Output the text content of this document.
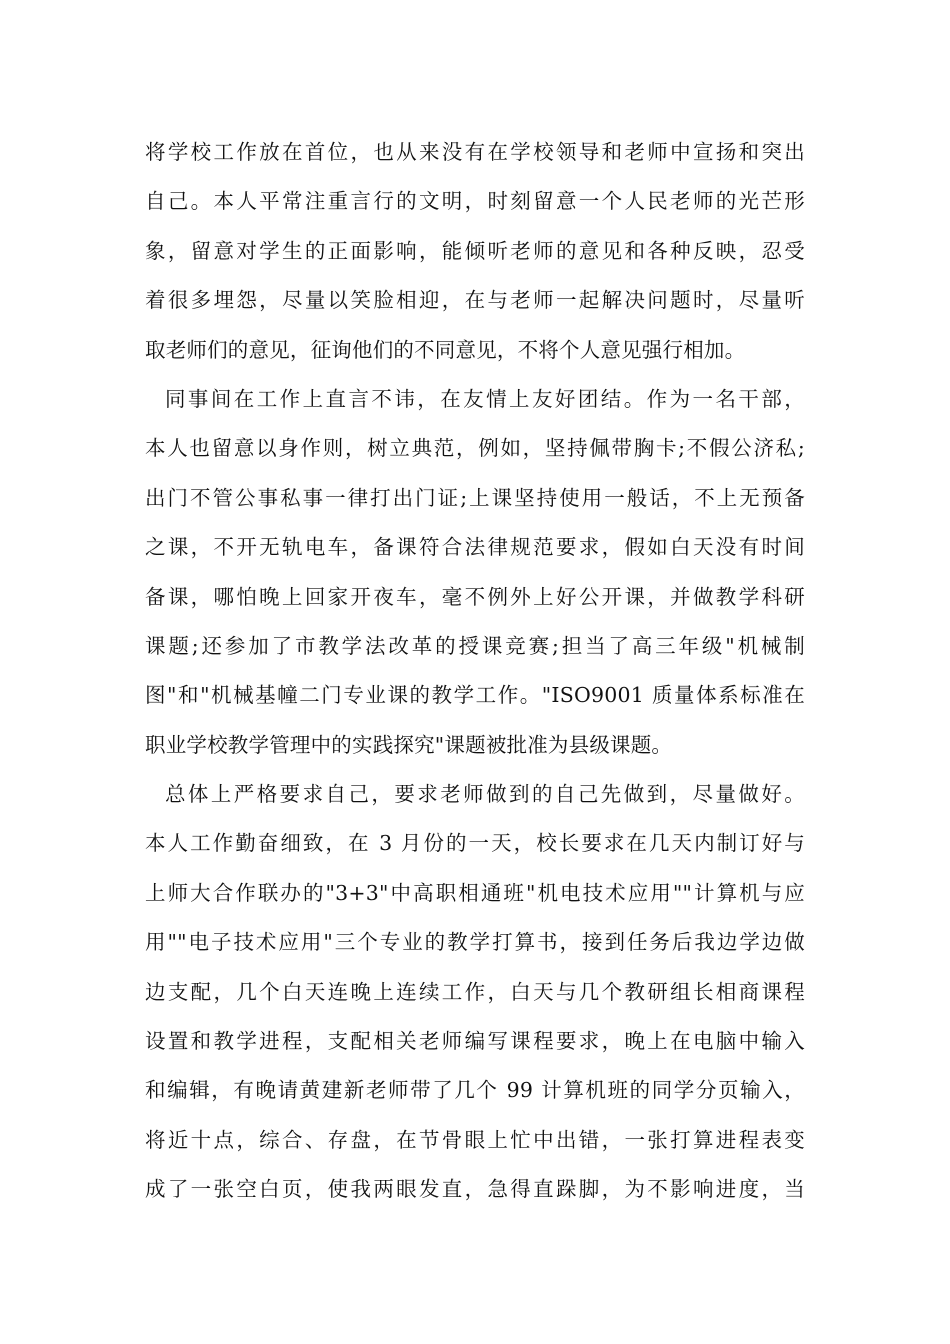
将学校工作放在首位，也从来没有在学校领导和老师中宣扬和突出
自己。本人平常注重言行的文明，时刻留意一个人民老师的光芒形
象，留意对学生的正面影响，能倾听老师的意见和各种反映，忍受
着很多埋怨，尽量以笑脸相迎，在与老师一起解决问题时，尽量听
取老师们的意见，征询他们的不同意见，不将个人意见强行相加。
同事间在工作上直言不讳，在友情上友好团结。作为一名干部，
本人也留意以身作则，树立典范，例如，坚持佩带胸卡;不假公济私;
出门不管公事私事一律打出门证;上课坚持使用一般话，不上无预备
之课，不开无轨电车，备课符合法律规范要求，假如白天没有时间
备课，哪怕晚上回家开夜车，毫不例外上好公开课，并做教学科研
课题;还参加了市教学法改革的授课竞赛;担当了高三年级"机械制
图"和"机械基幢二门专业课的教学工作。"ISO9001 质量体系标准在
职业学校教学管理中的实践探究"课题被批准为县级课题。
总体上严格要求自己，要求老师做到的自己先做到，尽量做好。
本人工作勤奋细致，在 3 月份的一天，校长要求在几天内制订好与
上师大合作联办的"3+3"中高职相通班"机电技术应用""计算机与应
用""电子技术应用"三个专业的教学打算书，接到任务后我边学边做
边支配，几个白天连晚上连续工作，白天与几个教研组长相商课程
设置和教学进程，支配相关老师编写课程要求，晚上在电脑中输入
和编辑，有晚请黄建新老师带了几个 99 计算机班的同学分页输入，
将近十点，综合、存盘，在节骨眼上忙中出错，一张打算进程表变
成了一张空白页，使我两眼发直，急得直跺脚，为不影响进度，当
